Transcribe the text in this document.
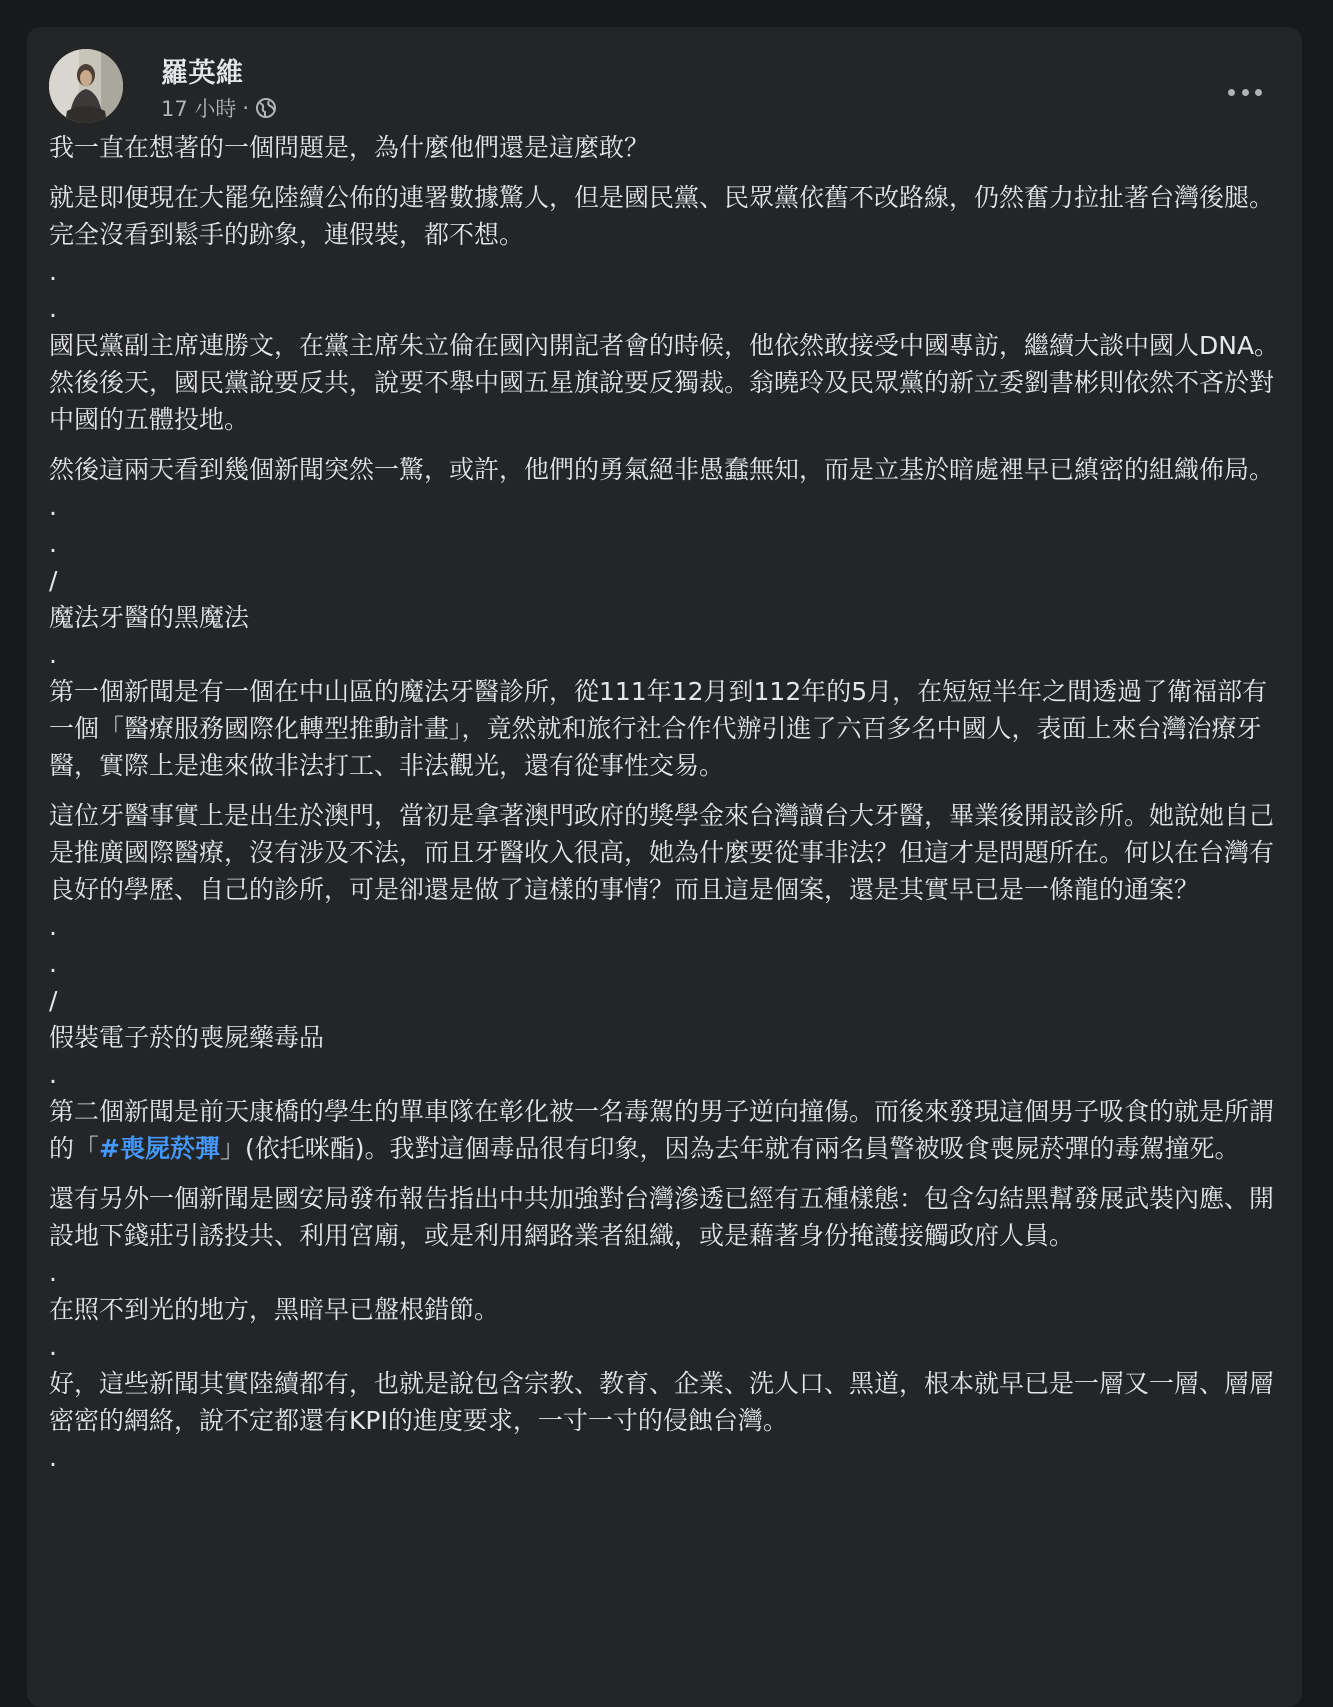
羅英維
17 小時 ·

我一直在想著的一個問題是，為什麼他們還是這麼敢？

就是即便現在大罷免陸續公佈的連署數據驚人，但是國民黨、民眾黨依舊不改路線，仍然奮力拉扯著台灣後腿。完全沒看到鬆手的跡象，連假裝，都不想。

.

.

國民黨副主席連勝文，在黨主席朱立倫在國內開記者會的時候，他依然敢接受中國專訪，繼續大談中國人DNA。然後後天，國民黨說要反共，說要不舉中國五星旗說要反獨裁。翁曉玲及民眾黨的新立委劉書彬則依然不吝於對中國的五體投地。

然後這兩天看到幾個新聞突然一驚，或許，他們的勇氣絕非愚蠢無知，而是立基於暗處裡早已縝密的組織佈局。

.

.

/

魔法牙醫的黑魔法

.

第一個新聞是有一個在中山區的魔法牙醫診所，從111年12月到112年的5月，在短短半年之間透過了衛福部有一個「醫療服務國際化轉型推動計畫」，竟然就和旅行社合作代辦引進了六百多名中國人，表面上來台灣治療牙醫，實際上是進來做非法打工、非法觀光，還有從事性交易。

這位牙醫事實上是出生於澳門，當初是拿著澳門政府的獎學金來台灣讀台大牙醫，畢業後開設診所。她說她自己是推廣國際醫療，沒有涉及不法，而且牙醫收入很高，她為什麼要從事非法？但這才是問題所在。何以在台灣有良好的學歷、自己的診所，可是卻還是做了這樣的事情？而且這是個案，還是其實早已是一條龍的通案？

.

.

/

假裝電子菸的喪屍藥毒品

.

第二個新聞是前天康橋的學生的單車隊在彰化被一名毒駕的男子逆向撞傷。而後來發現這個男子吸食的就是所謂的「#喪屍菸彈」(依托咪酯)。我對這個毒品很有印象，因為去年就有兩名員警被吸食喪屍菸彈的毒駕撞死。

還有另外一個新聞是國安局發布報告指出中共加強對台灣滲透已經有五種樣態：包含勾結黑幫發展武裝內應、開設地下錢莊引誘投共、利用宮廟，或是利用網路業者組織，或是藉著身份掩護接觸政府人員。

.

在照不到光的地方，黑暗早已盤根錯節。

.

好，這些新聞其實陸續都有，也就是說包含宗教、教育、企業、洗人口、黑道，根本就早已是一層又一層、層層密密的網絡，說不定都還有KPI的進度要求，一寸一寸的侵蝕台灣。

.
